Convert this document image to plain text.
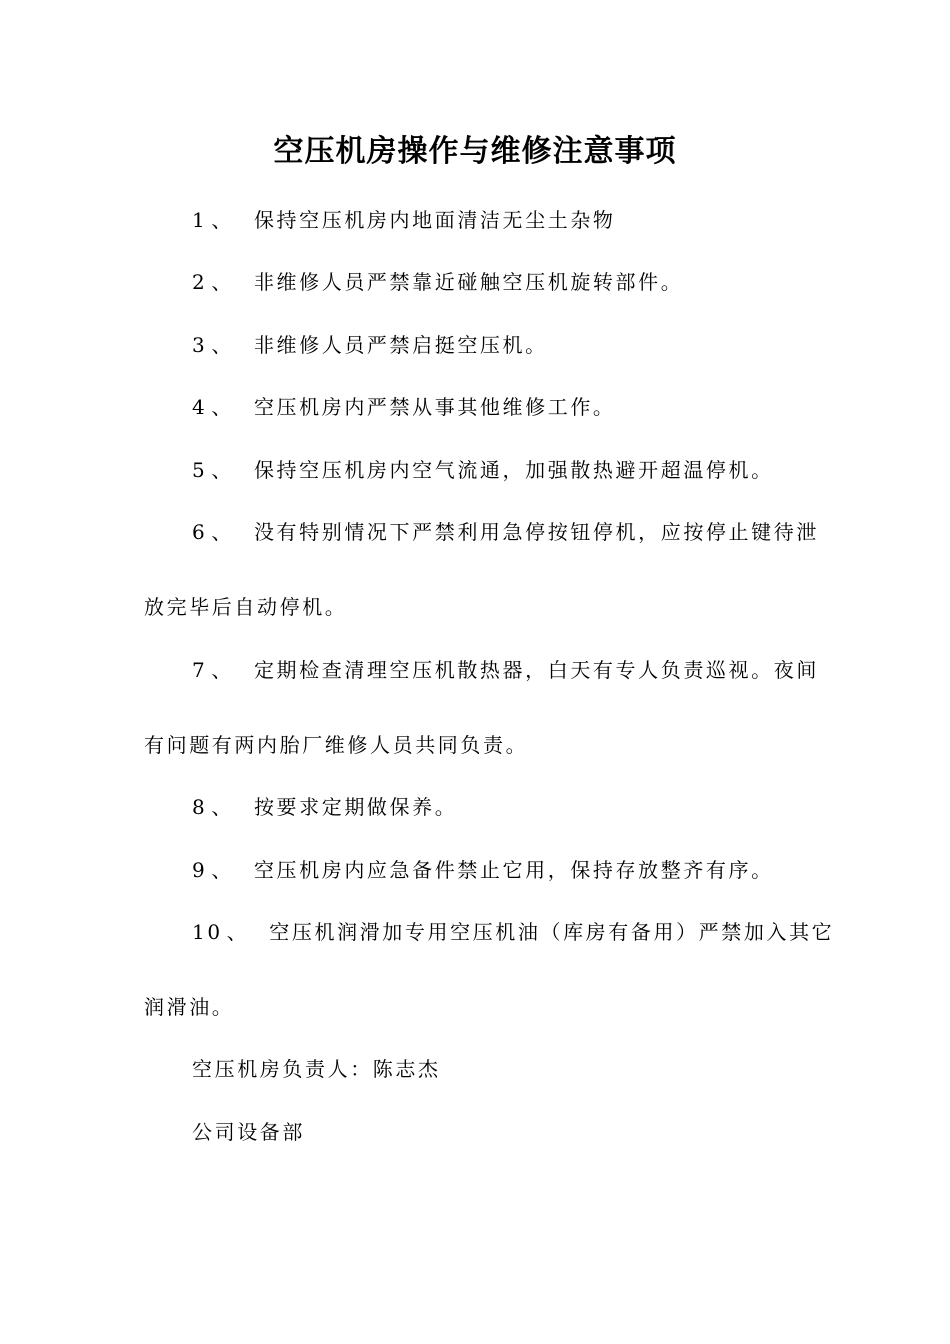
空压机房操作与维修注意事项
1 、 保持空压机房内地面清洁无尘土杂物
2 、 非维修人员严禁靠近碰触空压机旋转部件。
3 、 非维修人员严禁启挺空压机。
4 、 空压机房内严禁从事其他维修工作。
5 、 保持空压机房内空气流通，加强散热避开超温停机。
6 、 没有特别情况下严禁利用急停按钮停机，应按停止键待泄
放完毕后自动停机。
7 、 定期检查清理空压机散热器，白天有专人负责巡视。夜间
有问题有两内胎厂维修人员共同负责。
8 、 按要求定期做保养。
9 、 空压机房内应急备件禁止它用，保持存放整齐有序。
10 、 空压机润滑加专用空压机油（库房有备用）严禁加入其它
润滑油。
空压机房负责人：陈志杰
公司设备部
